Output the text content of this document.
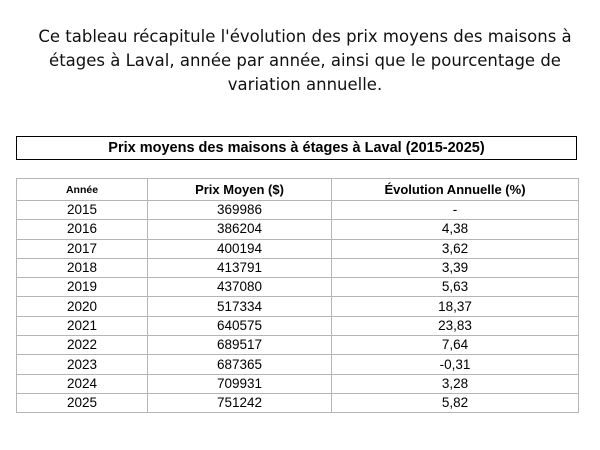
Ce tableau récapitule l'évolution des prix moyens des maisons à
étages à Laval, année par année, ainsi que le pourcentage de
variation annuelle.
Prix moyens des maisons à étages à Laval (2015-2025)
Année	Prix Moyen ($)	Évolution Annuelle (%)
2015	369986	-
2016	386204	4,38
2017	400194	3,62
2018	413791	3,39
2019	437080	5,63
2020	517334	18,37
2021	640575	23,83
2022	689517	7,64
2023	687365	-0,31
2024	709931	3,28
2025	751242	5,82
